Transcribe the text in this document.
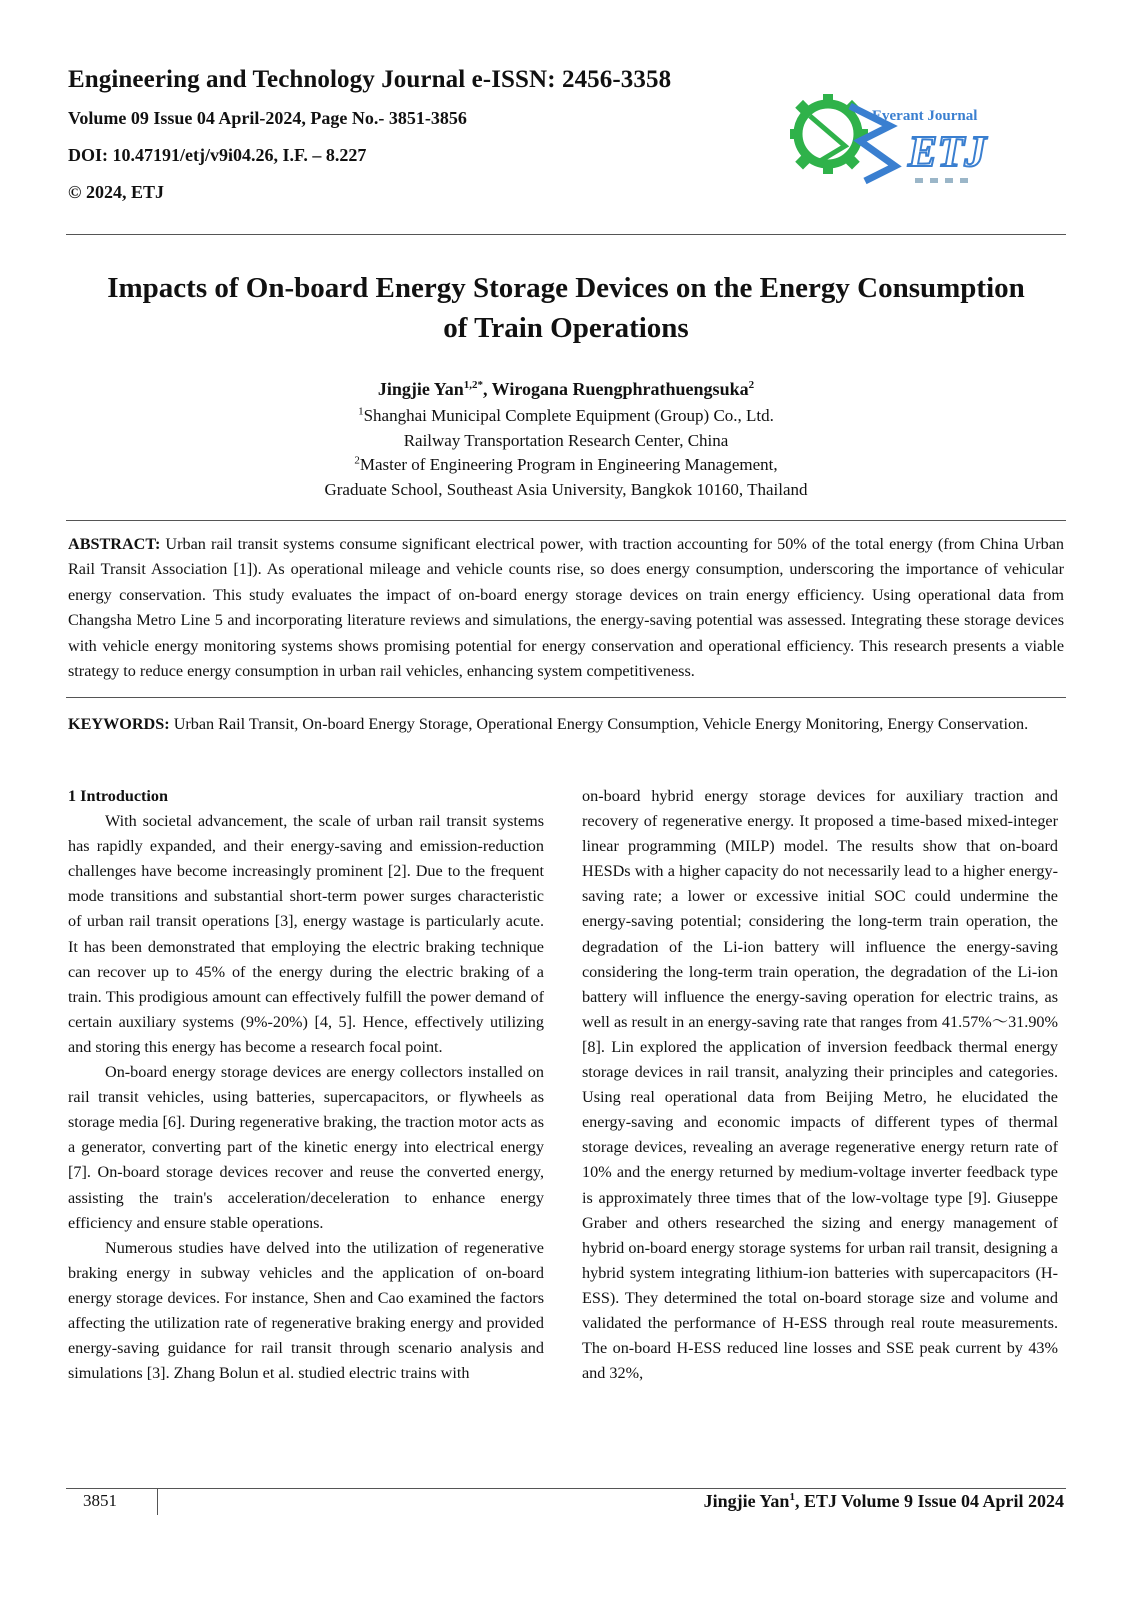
Engineering and Technology Journal e-ISSN: 2456-3358
Volume 09 Issue 04 April-2024, Page No.- 3851-3856
DOI: 10.47191/etj/v9i04.26, I.F. – 8.227
© 2024, ETJ
Everant Journal
ETJ
Impacts of On-board Energy Storage Devices on the Energy Consumption
of Train Operations
Jingjie Yan$^{1,2*}$, Wirogana Ruengphrathuengsuka$^2$
$^1$Shanghai Municipal Complete Equipment (Group) Co., Ltd.
Railway Transportation Research Center, China
$^2$Master of Engineering Program in Engineering Management,
Graduate School, Southeast Asia University, Bangkok 10160, Thailand
ABSTRACT: Urban rail transit systems consume significant electrical power, with traction accounting for 50% of the total energy (from China Urban Rail Transit Association [1]). As operational mileage and vehicle counts rise, so does energy consumption, underscoring the importance of vehicular energy conservation. This study evaluates the impact of on-board energy storage devices on train energy efficiency. Using operational data from Changsha Metro Line 5 and incorporating literature reviews and simulations, the energy-saving potential was assessed. Integrating these storage devices with vehicle energy monitoring systems shows promising potential for energy conservation and operational efficiency. This research presents a viable strategy to reduce energy consumption in urban rail vehicles, enhancing system competitiveness.
KEYWORDS: Urban Rail Transit, On-board Energy Storage, Operational Energy Consumption, Vehicle Energy Monitoring, Energy Conservation.
1 Introduction

With societal advancement, the scale of urban rail transit systems has rapidly expanded, and their energy-saving and emission-reduction challenges have become increasingly prominent [2]. Due to the frequent mode transitions and substantial short-term power surges characteristic of urban rail transit operations [3], energy wastage is particularly acute. It has been demonstrated that employing the electric braking technique can recover up to 45% of the energy during the electric braking of a train. This prodigious amount can effectively fulfill the power demand of certain auxiliary systems (9%-20%) [4, 5]. Hence, effectively utilizing and storing this energy has become a research focal point.

On-board energy storage devices are energy collectors installed on rail transit vehicles, using batteries, supercapacitors, or flywheels as storage media [6]. During regenerative braking, the traction motor acts as a generator, converting part of the kinetic energy into electrical energy [7]. On-board storage devices recover and reuse the converted energy, assisting the train's acceleration/deceleration to enhance energy efficiency and ensure stable operations.

Numerous studies have delved into the utilization of regenerative braking energy in subway vehicles and the application of on-board energy storage devices. For instance, Shen and Cao examined the factors affecting the utilization rate of regenerative braking energy and provided energy-saving guidance for rail transit through scenario analysis and simulations [3]. Zhang Bolun et al. studied electric trains with

on-board hybrid energy storage devices for auxiliary traction and recovery of regenerative energy. It proposed a time-based mixed-integer linear programming (MILP) model. The results show that on-board HESDs with a higher capacity do not necessarily lead to a higher energy-saving rate; a lower or excessive initial SOC could undermine the energy-saving potential; considering the long-term train operation, the degradation of the Li-ion battery will influence the energy-saving considering the long-term train operation, the degradation of the Li-ion battery will influence the energy-saving operation for electric trains, as well as result in an energy-saving rate that ranges from 41.57%～31.90% [8]. Lin explored the application of inversion feedback thermal energy storage devices in rail transit, analyzing their principles and categories. Using real operational data from Beijing Metro, he elucidated the energy-saving and economic impacts of different types of thermal storage devices, revealing an average regenerative energy return rate of 10% and the energy returned by medium-voltage inverter feedback type is approximately three times that of the low-voltage type [9]. Giuseppe Graber and others researched the sizing and energy management of hybrid on-board energy storage systems for urban rail transit, designing a hybrid system integrating lithium-ion batteries with supercapacitors (H-ESS). They determined the total on-board storage size and volume and validated the performance of H-ESS through real route measurements. The on-board H-ESS reduced line losses and SSE peak current by 43% and 32%,

3851	Jingjie Yan$^1$, ETJ Volume 9 Issue 04 April 2024
